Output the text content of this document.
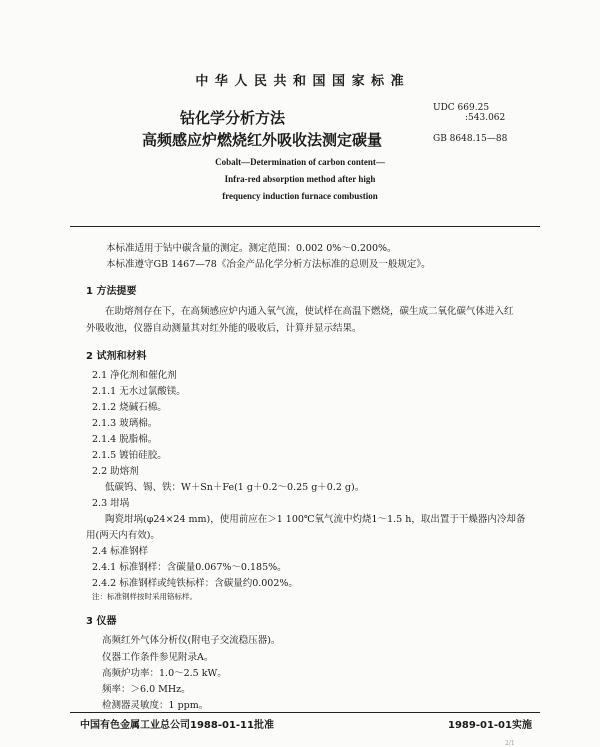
中 华 人 民 共 和 国 国 家 标 准
钴化学分析方法
高频感应炉燃烧红外吸收法测定碳量
UDC 669.25
:543.062
GB 8648.15—88
Cobalt—Determination of carbon content—
Infra-red absorption method after high
frequency induction furnace combustion
本标准适用于钴中碳含量的测定。测定范围：0.002 0%～0.200%。
本标准遵守GB 1467—78《冶金产品化学分析方法标准的总则及一般规定》。
1 方法提要
在助熔剂存在下，在高频感应炉内通入氧气流，使试样在高温下燃烧，碳生成二氧化碳气体进入红
外吸收池，仪器自动测量其对红外能的吸收后，计算并显示结果。
2 试剂和材料
2.1 净化剂和催化剂
2.1.1 无水过氯酸镁。
2.1.2 烧碱石棉。
2.1.3 玻璃棉。
2.1.4 脱脂棉。
2.1.5 镀铂硅胶。
2.2 助熔剂
低碳钨、锡、铁：W＋Sn＋Fe(1 g＋0.2～0.25 g＋0.2 g)。
2.3 坩埚
陶瓷坩埚(φ24×24 mm)，使用前应在＞1 100℃氧气流中灼烧1～1.5 h，取出置于干燥器内冷却备
用(两天内有效)。
2.4 标准钢样
2.4.1 标准钢样：含碳量0.067%～0.185%。
2.4.2 标准钢样或纯铁标样：含碳量约0.002%。
注：标准钢样按时采用铬标样。
3 仪器
高频红外气体分析仪(附电子交流稳压器)。
仪器工作条件参见附录A。
高频炉功率：1.0～2.5 kW。
频率：＞6.0 MHz。
检测器灵敏度：1 ppm。
中国有色金属工业总公司1988-01-11批准	1989-01-01实施
2/1
